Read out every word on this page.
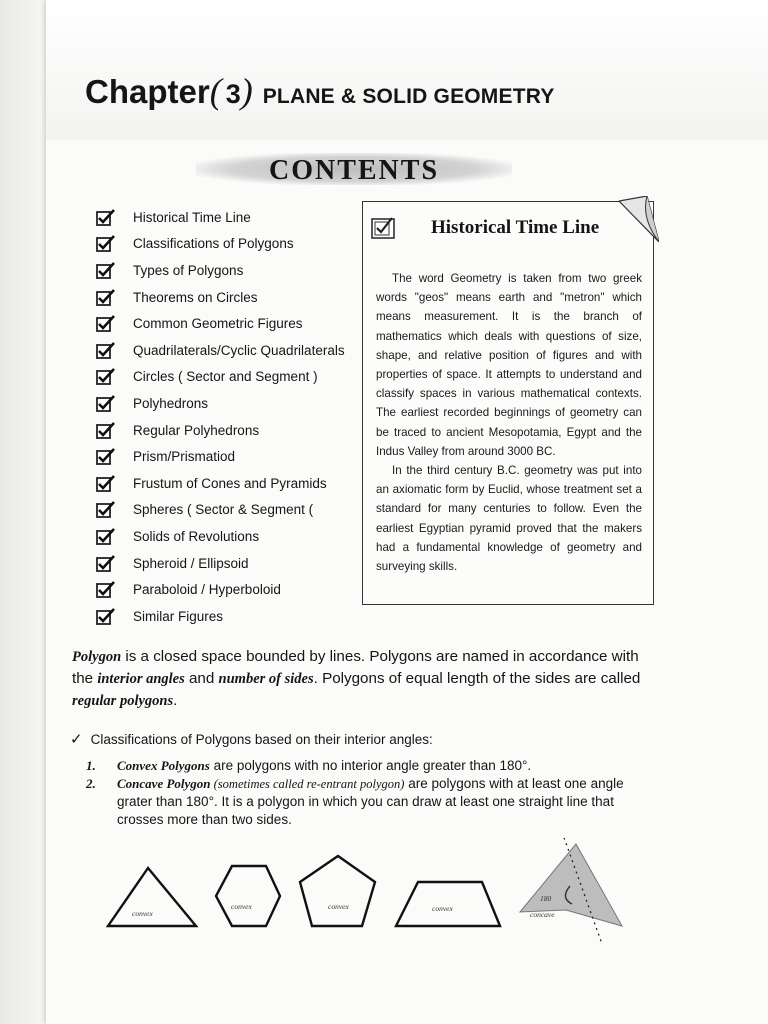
Chapter( 3) PLANE & SOLID GEOMETRY
CONTENTS
Historical Time Line
Classifications of Polygons
Types of Polygons
Theorems on Circles
Common Geometric Figures
Quadrilaterals/Cyclic Quadrilaterals
Circles ( Sector and Segment )
Polyhedrons
Regular Polyhedrons
Prism/Prismatiod
Frustum of Cones and Pyramids
Spheres ( Sector & Segment (
Solids of Revolutions
Spheroid / Ellipsoid
Paraboloid / Hyperboloid
Similar Figures
Historical Time Line

The word Geometry is taken from two greek words "geos" means earth and "metron" which means measurement. It is the branch of mathematics which deals with questions of size, shape, and relative position of figures and with properties of space. It attempts to understand and classify spaces in various mathematical contexts. The earliest recorded beginnings of geometry can be traced to ancient Mesopotamia, Egypt and the Indus Valley from around 3000 BC.

In the third century B.C. geometry was put into an axiomatic form by Euclid, whose treatment set a standard for many centuries to follow. Even the earliest Egyptian pyramid proved that the makers had a fundamental knowledge of geometry and surveying skills.

Polygon is a closed space bounded by lines. Polygons are named in accordance with the interior angles and number of sides. Polygons of equal length of the sides are called regular polygons.
✓ Classifications of Polygons based on their interior angles:
1.	Convex Polygons are polygons with no interior angle greater than 180°.
2.	Concave Polygon (sometimes called re-entrant polygon) are polygons with at least one angle grater than 180°. It is a polygon in which you can draw at least one straight line that crosses more than two sides.
convex
convex	convex	convex
180
concave
